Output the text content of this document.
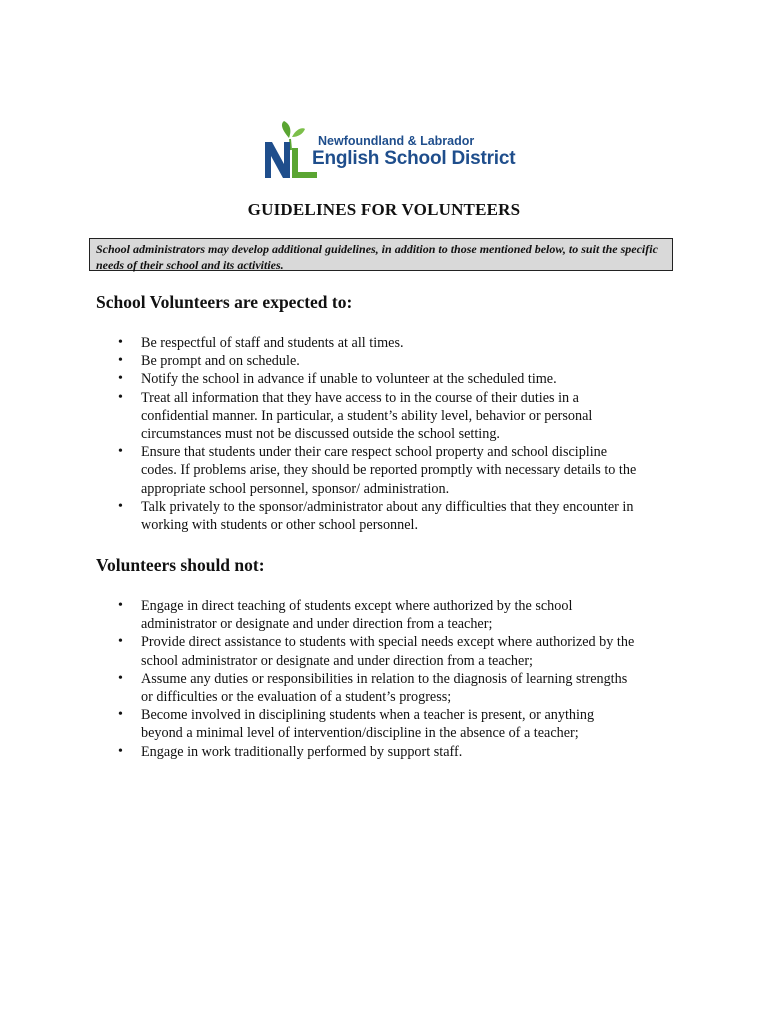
Newfoundland & Labrador
English School District
GUIDELINES FOR VOLUNTEERS
School administrators may develop additional guidelines, in addition to those mentioned below, to suit the specific needs of their school and its activities.
School Volunteers are expected to:
• Be respectful of staff and students at all times.
• Be prompt and on schedule.
• Notify the school in advance if unable to volunteer at the scheduled time.
• Treat all information that they have access to in the course of their duties in a
confidential manner. In particular, a student’s ability level, behavior or personal
circumstances must not be discussed outside the school setting.
• Ensure that students under their care respect school property and school discipline
codes. If problems arise, they should be reported promptly with necessary details to the
appropriate school personnel, sponsor/ administration.
• Talk privately to the sponsor/administrator about any difficulties that they encounter in
working with students or other school personnel.
Volunteers should not:
• Engage in direct teaching of students except where authorized by the school
administrator or designate and under direction from a teacher;
• Provide direct assistance to students with special needs except where authorized by the
school administrator or designate and under direction from a teacher;
• Assume any duties or responsibilities in relation to the diagnosis of learning strengths
or difficulties or the evaluation of a student’s progress;
• Become involved in disciplining students when a teacher is present, or anything
beyond a minimal level of intervention/discipline in the absence of a teacher;
• Engage in work traditionally performed by support staff.
